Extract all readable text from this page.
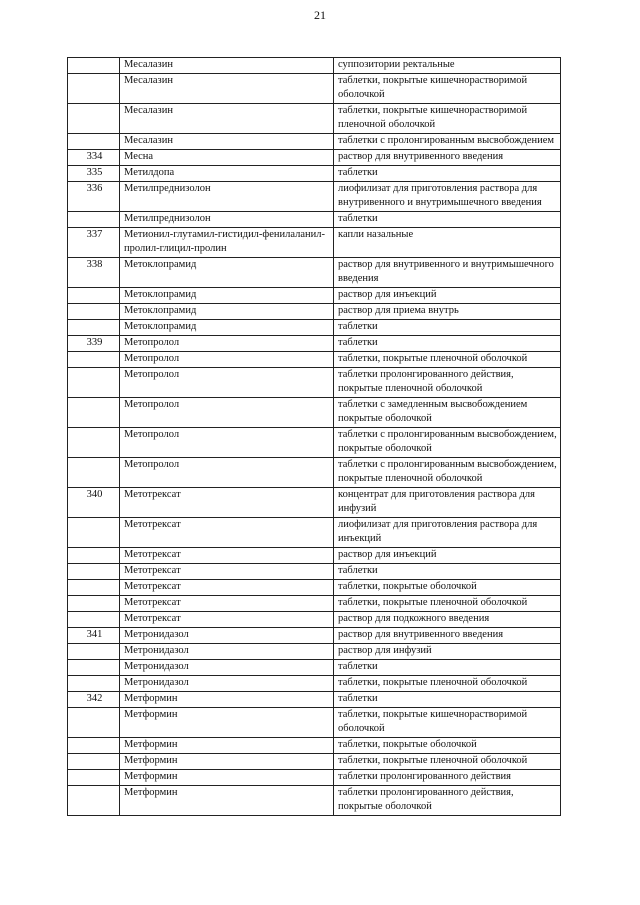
21
	Месалазин	суппозитории ректальные
	Месалазин	таблетки, покрытые кишечнорастворимой оболочкой
	Месалазин	таблетки, покрытые кишечнорастворимой пленочной оболочкой
	Месалазин	таблетки с пролонгированным высвобождением
334	Месна	раствор для внутривенного введения
335	Метилдопа	таблетки
336	Метилпреднизолон	лиофилизат для приготовления раствора для внутривенного и внутримышечного введения
	Метилпреднизолон	таблетки
337	Метионил-глутамил-гистидил-фенилаланил-пролил-глицил-пролин	капли назальные
338	Метоклопрамид	раствор для внутривенного и внутримышечного введения
	Метоклопрамид	раствор для инъекций
	Метоклопрамид	раствор для приема внутрь
	Метоклопрамид	таблетки
339	Метопролол	таблетки
	Метопролол	таблетки, покрытые пленочной оболочкой
	Метопролол	таблетки пролонгированного действия, покрытые пленочной оболочкой
	Метопролол	таблетки с замедленным высвобождением покрытые оболочкой
	Метопролол	таблетки с пролонгированным высвобождением, покрытые оболочкой
	Метопролол	таблетки с пролонгированным высвобождением, покрытые пленочной оболочкой
340	Метотрексат	концентрат для приготовления раствора для инфузий
	Метотрексат	лиофилизат для приготовления раствора для инъекций
	Метотрексат	раствор для инъекций
	Метотрексат	таблетки
	Метотрексат	таблетки, покрытые оболочкой
	Метотрексат	таблетки, покрытые пленочной оболочкой
	Метотрексат	раствор для подкожного введения
341	Метронидазол	раствор для внутривенного введения
	Метронидазол	раствор для инфузий
	Метронидазол	таблетки
	Метронидазол	таблетки, покрытые пленочной оболочкой
342	Метформин	таблетки
	Метформин	таблетки, покрытые кишечнорастворимой оболочкой
	Метформин	таблетки, покрытые оболочкой
	Метформин	таблетки, покрытые пленочной оболочкой
	Метформин	таблетки пролонгированного действия
	Метформин	таблетки пролонгированного действия, покрытые оболочкой
